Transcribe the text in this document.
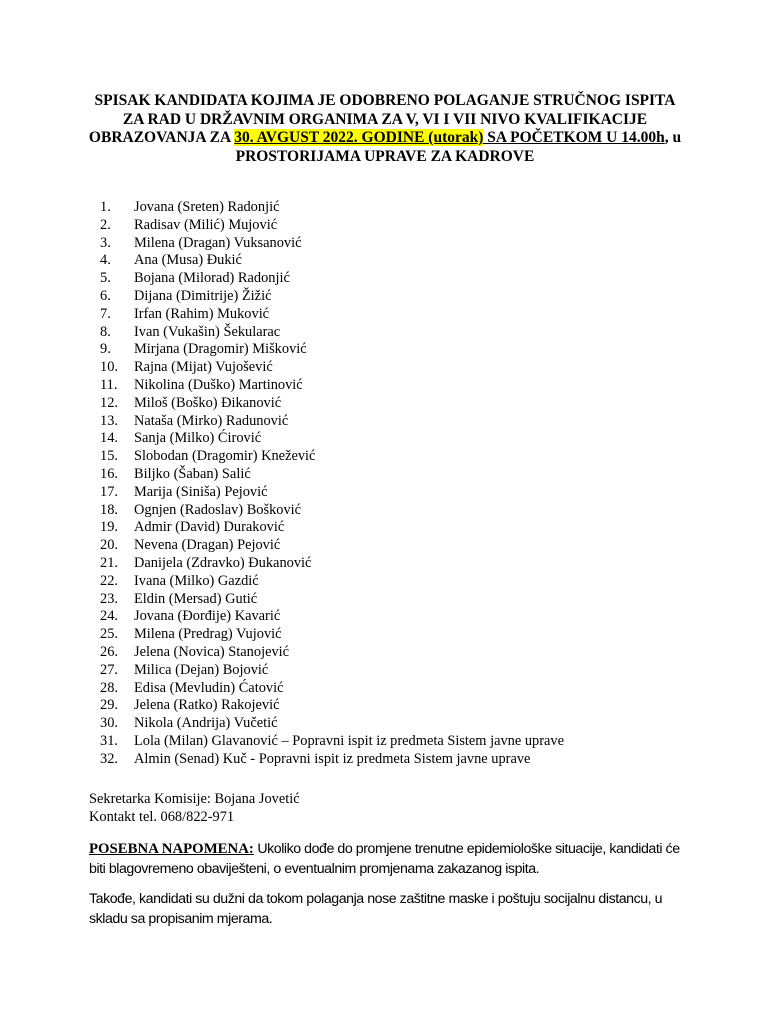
SPISAK KANDIDATA KOJIMA JE ODOBRENO POLAGANJE STRUČNOG ISPITA
ZA RAD U DRŽAVNIM ORGANIMA ZA V, VI I VII NIVO KVALIFIKACIJE
OBRAZOVANJA ZA 30. AVGUST 2022. GODINE (utorak) SA POČETKOM U 14.00h, u
PROSTORIJAMA UPRAVE ZA KADROVE
1.	Jovana (Sreten) Radonjić
2.	Radisav (Milić) Mujović
3.	Milena (Dragan) Vuksanović
4.	Ana (Musa) Đukić
5.	Bojana (Milorad) Radonjić
6.	Dijana (Dimitrije) Žižić
7.	Irfan (Rahim) Muković
8.	Ivan (Vukašin) Šekularac
9.	Mirjana (Dragomir) Mišković
10.	Rajna (Mijat) Vujošević
11.	Nikolina (Duško) Martinović
12.	Miloš (Boško) Đikanović
13.	Nataša (Mirko) Radunović
14.	Sanja (Milko) Ćirović
15.	Slobodan (Dragomir) Knežević
16.	Biljko (Šaban) Salić
17.	Marija (Siniša) Pejović
18.	Ognjen (Radoslav) Bošković
19.	Admir (David) Duraković
20.	Nevena (Dragan) Pejović
21.	Danijela (Zdravko) Đukanović
22.	Ivana (Milko) Gazdić
23.	Eldin (Mersad) Gutić
24.	Jovana (Đorđije) Kavarić
25.	Milena (Predrag) Vujović
26.	Jelena (Novica) Stanojević
27.	Milica (Dejan) Bojović
28.	Edisa (Mevludin) Ćatović
29.	Jelena (Ratko) Rakojević
30.	Nikola (Andrija) Vučetić
31.	Lola (Milan) Glavanović – Popravni ispit iz predmeta Sistem javne uprave
32.	Almin (Senad) Kuč - Popravni ispit iz predmeta Sistem javne uprave
Sekretarka Komisije: Bojana Jovetić
Kontakt tel. 068/822-971
POSEBNA NAPOMENA: Ukoliko dođe do promjene trenutne epidemiološke situacije, kandidati će biti blagovremeno obaviješteni, o eventualnim promjenama zakazanog ispita.
Takođe, kandidati su dužni da tokom polaganja nose zaštitne maske i poštuju socijalnu distancu, u skladu sa propisanim mjerama.
